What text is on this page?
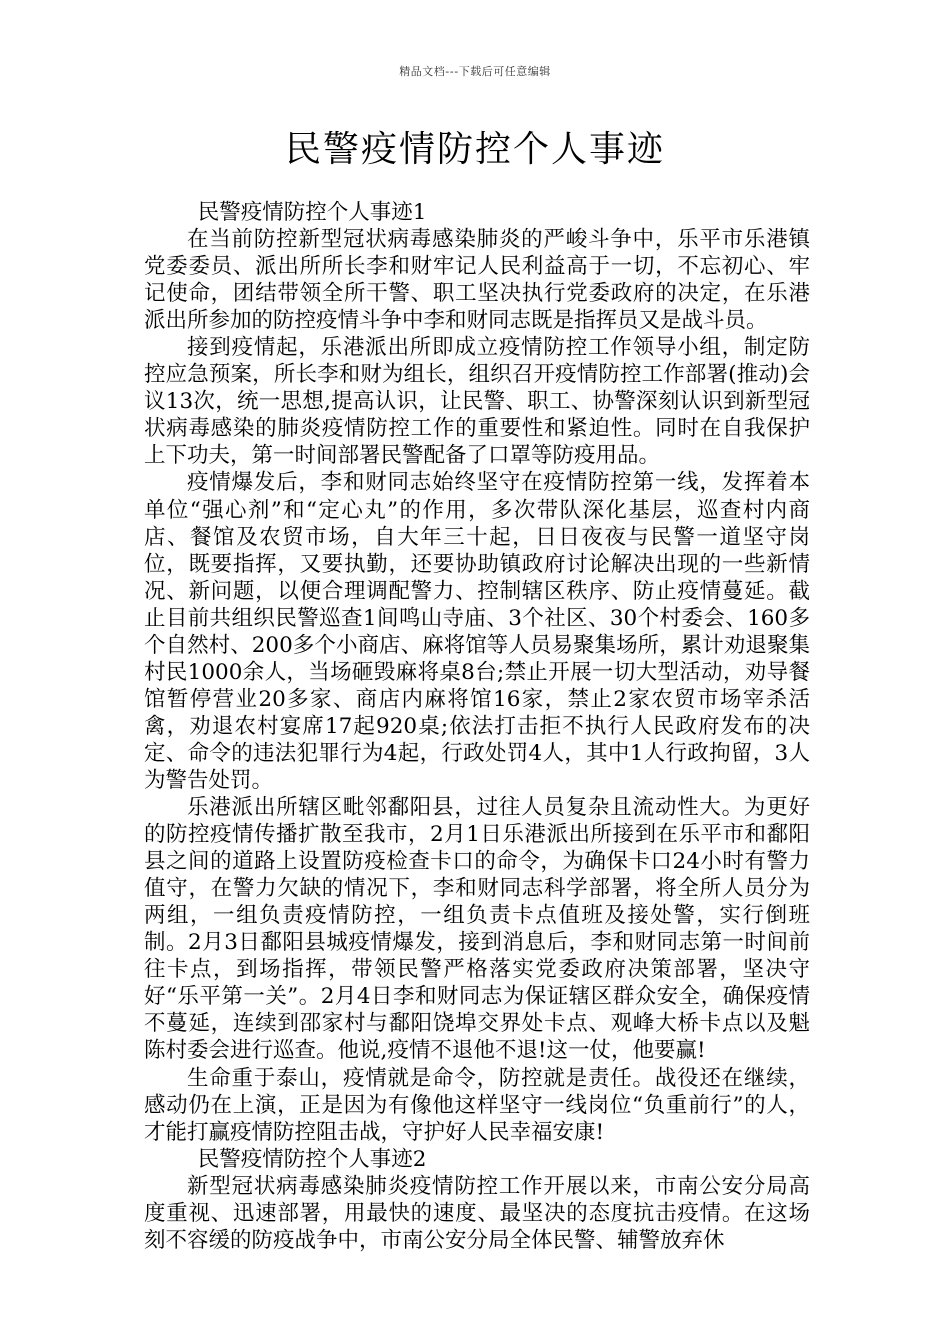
精品文档---下载后可任意编辑
民警疫情防控个人事迹

民警疫情防控个人事迹1

在当前防控新型冠状病毒感染肺炎的严峻斗争中，乐平市乐港镇党委委员、派出所所长李和财牢记人民利益高于一切，不忘初心、牢记使命，团结带领全所干警、职工坚决执行党委政府的决定，在乐港派出所参加的防控疫情斗争中李和财同志既是指挥员又是战斗员。

接到疫情起，乐港派出所即成立疫情防控工作领导小组，制定防控应急预案，所长李和财为组长，组织召开疫情防控工作部署(推动)会议13次，统一思想,提高认识，让民警、职工、协警深刻认识到新型冠状病毒感染的肺炎疫情防控工作的重要性和紧迫性。同时在自我保护上下功夫，第一时间部署民警配备了口罩等防疫用品。

疫情爆发后，李和财同志始终坚守在疫情防控第一线，发挥着本单位“强心剂”和“定心丸”的作用，多次带队深化基层，巡查村内商店、餐馆及农贸市场，自大年三十起，日日夜夜与民警一道坚守岗位，既要指挥，又要执勤，还要协助镇政府讨论解决出现的一些新情况、新问题，以便合理调配警力、控制辖区秩序、防止疫情蔓延。截止目前共组织民警巡查1间鸣山寺庙、3个社区、30个村委会、160多个自然村、200多个小商店、麻将馆等人员易聚集场所，累计劝退聚集村民1000余人，当场砸毁麻将桌8台;禁止开展一切大型活动，劝导餐馆暂停营业20多家、商店内麻将馆16家，禁止2家农贸市场宰杀活禽，劝退农村宴席17起920桌;依法打击拒不执行人民政府发布的决定、命令的违法犯罪行为4起，行政处罚4人，其中1人行政拘留，3人为警告处罚。

乐港派出所辖区毗邻鄱阳县，过往人员复杂且流动性大。为更好的防控疫情传播扩散至我市，2月1日乐港派出所接到在乐平市和鄱阳县之间的道路上设置防疫检查卡口的命令，为确保卡口24小时有警力值守，在警力欠缺的情况下，李和财同志科学部署，将全所人员分为两组，一组负责疫情防控，一组负责卡点值班及接处警，实行倒班制。2月3日鄱阳县城疫情爆发，接到消息后，李和财同志第一时间前往卡点，到场指挥，带领民警严格落实党委政府决策部署，坚决守好“乐平第一关”。2月4日李和财同志为保证辖区群众安全，确保疫情不蔓延，连续到邵家村与鄱阳饶埠交界处卡点、观峰大桥卡点以及魁陈村委会进行巡查。他说,疫情不退他不退!这一仗，他要赢!

生命重于泰山，疫情就是命令，防控就是责任。战役还在继续，感动仍在上演，正是因为有像他这样坚守一线岗位“负重前行”的人，才能打赢疫情防控阻击战，守护好人民幸福安康!

民警疫情防控个人事迹2

新型冠状病毒感染肺炎疫情防控工作开展以来，市南公安分局高度重视、迅速部署，用最快的速度、最坚决的态度抗击疫情。在这场刻不容缓的防疫战争中，市南公安分局全体民警、辅警放弃休
